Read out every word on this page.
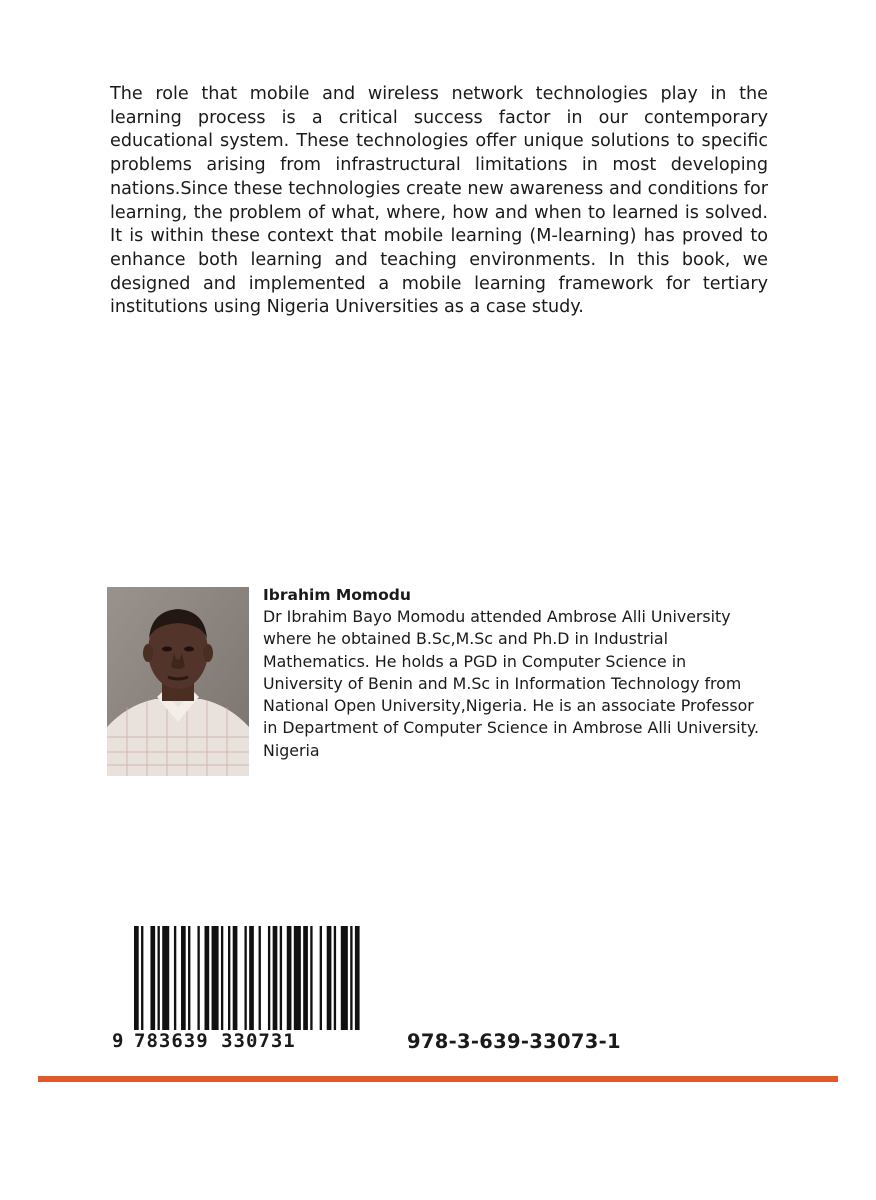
The role that mobile and wireless network technologies play in the learning process is a critical success factor in our contemporary educational system. These technologies offer unique solutions to specific problems arising from infrastructural limitations in most developing nations.Since these technologies create new awareness and conditions for learning, the problem of what, where, how and when to learned is solved. It is within these context that mobile learning (M-learning) has proved to enhance both learning and teaching environments. In this book, we designed and implemented a mobile learning framework for tertiary institutions using Nigeria Universities as a case study.

Ibrahim Momodu

Dr Ibrahim Bayo Momodu attended Ambrose Alli University where he obtained B.Sc,M.Sc and Ph.D in Industrial Mathematics. He holds a PGD in Computer Science in University of Benin and M.Sc in Information Technology from National Open University,Nigeria. He is an associate Professor in Department of Computer Science in Ambrose Alli University. Nigeria

9 783639 330731	978-3-639-33073-1
